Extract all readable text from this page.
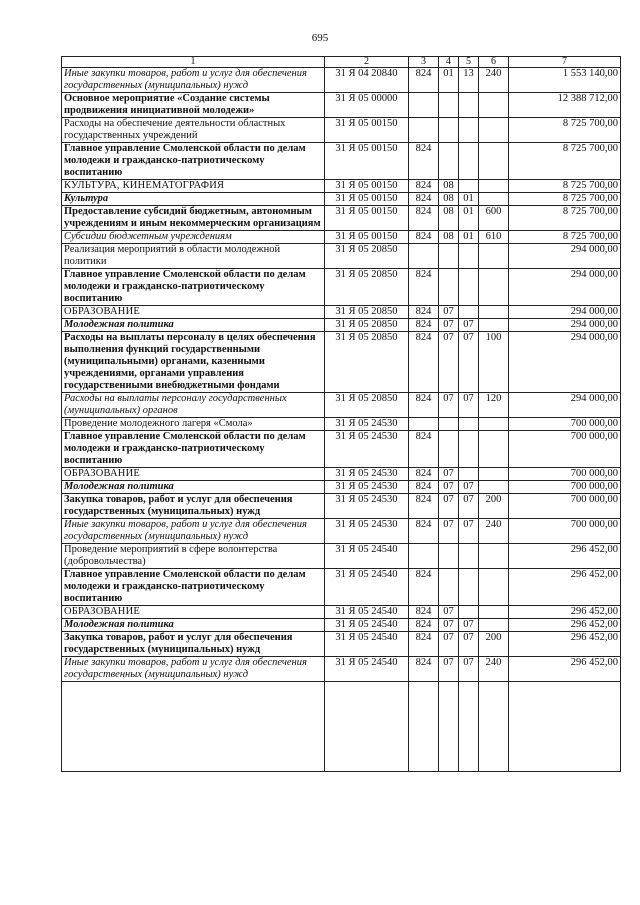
695
1	2	3	4	5	6	7
Иные закупки товаров, работ и услуг для обеспечения государственных (муниципальных) нужд	31 Я 04 20840	824	01	13	240	1 553 140,00
Основное мероприятие «Создание системы продвижения инициативной молодежи»	31 Я 05 00000					12 388 712,00
Расходы на обеспечение деятельности областных государственных учреждений	31 Я 05 00150					8 725 700,00
Главное управление Смоленской области по делам молодежи и гражданско-патриотическому воспитанию	31 Я 05 00150	824				8 725 700,00
КУЛЬТУРА, КИНЕМАТОГРАФИЯ	31 Я 05 00150	824	08			8 725 700,00
Культура	31 Я 05 00150	824	08	01		8 725 700,00
Предоставление субсидий бюджетным, автономным учреждениям и иным некоммерческим организациям	31 Я 05 00150	824	08	01	600	8 725 700,00
Субсидии бюджетным учреждениям	31 Я 05 00150	824	08	01	610	8 725 700,00
Реализация мероприятий в области молодежной политики	31 Я 05 20850					294 000,00
Главное управление Смоленской области по делам молодежи и гражданско-патриотическому воспитанию	31 Я 05 20850	824				294 000,00
ОБРАЗОВАНИЕ	31 Я 05 20850	824	07			294 000,00
Молодежная политика	31 Я 05 20850	824	07	07		294 000,00
Расходы на выплаты персоналу в целях обеспечения выполнения функций государственными (муниципальными) органами, казенными учреждениями, органами управления государственными внебюджетными фондами	31 Я 05 20850	824	07	07	100	294 000,00
Расходы на выплаты персоналу государственных (муниципальных) органов	31 Я 05 20850	824	07	07	120	294 000,00
Проведение молодежного лагеря «Смола»	31 Я 05 24530					700 000,00
Главное управление Смоленской области по делам молодежи и гражданско-патриотическому воспитанию	31 Я 05 24530	824				700 000,00
ОБРАЗОВАНИЕ	31 Я 05 24530	824	07			700 000,00
Молодежная политика	31 Я 05 24530	824	07	07		700 000,00
Закупка товаров, работ и услуг для обеспечения государственных (муниципальных) нужд	31 Я 05 24530	824	07	07	200	700 000,00
Иные закупки товаров, работ и услуг для обеспечения государственных (муниципальных) нужд	31 Я 05 24530	824	07	07	240	700 000,00
Проведение мероприятий в сфере волонтерства (добровольчества)	31 Я 05 24540					296 452,00
Главное управление Смоленской области по делам молодежи и гражданско-патриотическому воспитанию	31 Я 05 24540	824				296 452,00
ОБРАЗОВАНИЕ	31 Я 05 24540	824	07			296 452,00
Молодежная политика	31 Я 05 24540	824	07	07		296 452,00
Закупка товаров, работ и услуг для обеспечения государственных (муниципальных) нужд	31 Я 05 24540	824	07	07	200	296 452,00
Иные закупки товаров, работ и услуг для обеспечения государственных (муниципальных) нужд	31 Я 05 24540	824	07	07	240	296 452,00
